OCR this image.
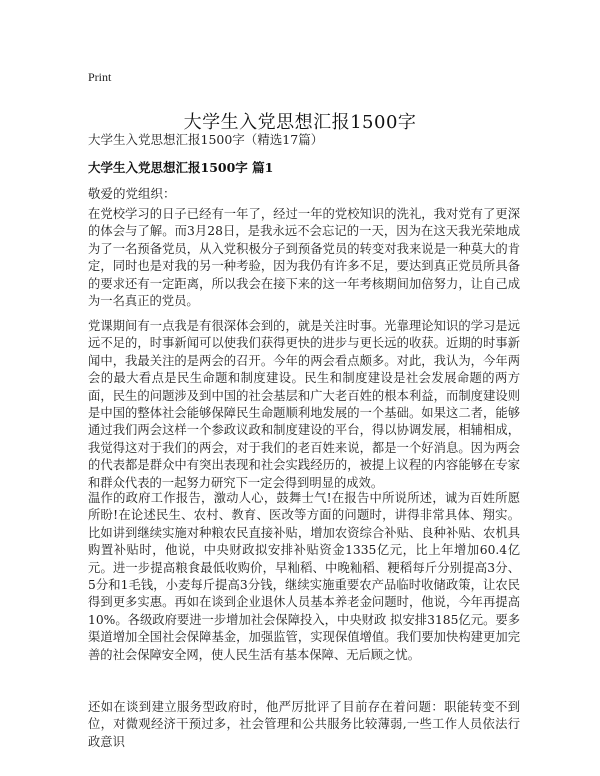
Print
大学生入党思想汇报1500字
大学生入党思想汇报1500字（精选17篇）
大学生入党思想汇报1500字 篇1
敬爱的党组织：

在党校学习的日子已经有一年了，经过一年的党校知识的洗礼，我对党有了更深的体会与了解。而3月28日，是我永远不会忘记的一天，因为在这天我光荣地成为了一名预备党员，从入党积极分子到预备党员的转变对我来说是一种莫大的肯定，同时也是对我的另一种考验，因为我仍有许多不足，要达到真正党员所具备的要求还有一定距离，所以我会在接下来的这一年考核期间加倍努力，让自己成为一名真正的党员。

党课期间有一点我是有很深体会到的，就是关注时事。光靠理论知识的学习是远远不足的，时事新闻可以使我们获得更快的进步与更长远的收获。近期的时事新闻中，我最关注的是两会的召开。今年的两会看点颇多。对此，我认为，今年两会的最大看点是民生命题和制度建设。民生和制度建设是社会发展命题的两方面，民生的问题涉及到中国的社会基层和广大老百姓的根本利益，而制度建设则是中国的整体社会能够保障民生命题顺利地发展的一个基础。如果这二者，能够通过我们两会这样一个参政议政和制度建设的平台，得以协调发展，相辅相成，我觉得这对于我们的两会，对于我们的老百姓来说，都是一个好消息。因为两会的代表都是群众中有突出表现和社会实践经历的，被提上议程的内容能够在专家和群众代表的一起努力研究下一定会得到明显的成效。

温作的政府工作报告，激动人心，鼓舞士气!在报告中所说所述，诚为百姓所愿所盼!在论述民生、农村、教育、医改等方面的问题时，讲得非常具体、翔实。比如讲到继续实施对种粮农民直接补贴，增加农资综合补贴、良种补贴、农机具购置补贴时，他说，中央财政拟安排补贴资金1335亿元，比上年增加60.4亿元。进一步提高粮食最低收购价，早籼稻、中晚籼稻、粳稻每斤分别提高3分、5分和1毛钱，小麦每斤提高3分钱，继续实施重要农产品临时收储政策，让农民得到更多实惠。再如在谈到企业退休人员基本养老金问题时，他说，今年再提高10%。各级政府要进一步增加社会保障投入，中央财政 拟安排3185亿元。要多渠道增加全国社会保障基金，加强监管，实现保值增值。我们要加快构建更加完善的社会保障安全网，使人民生活有基本保障、无后顾之忧。

还如在谈到建立服务型政府时，他严厉批评了目前存在着问题：职能转变不到位，对微观经济干预过多，社会管理和公共服务比较薄弱,一些工作人员依法行政意识
